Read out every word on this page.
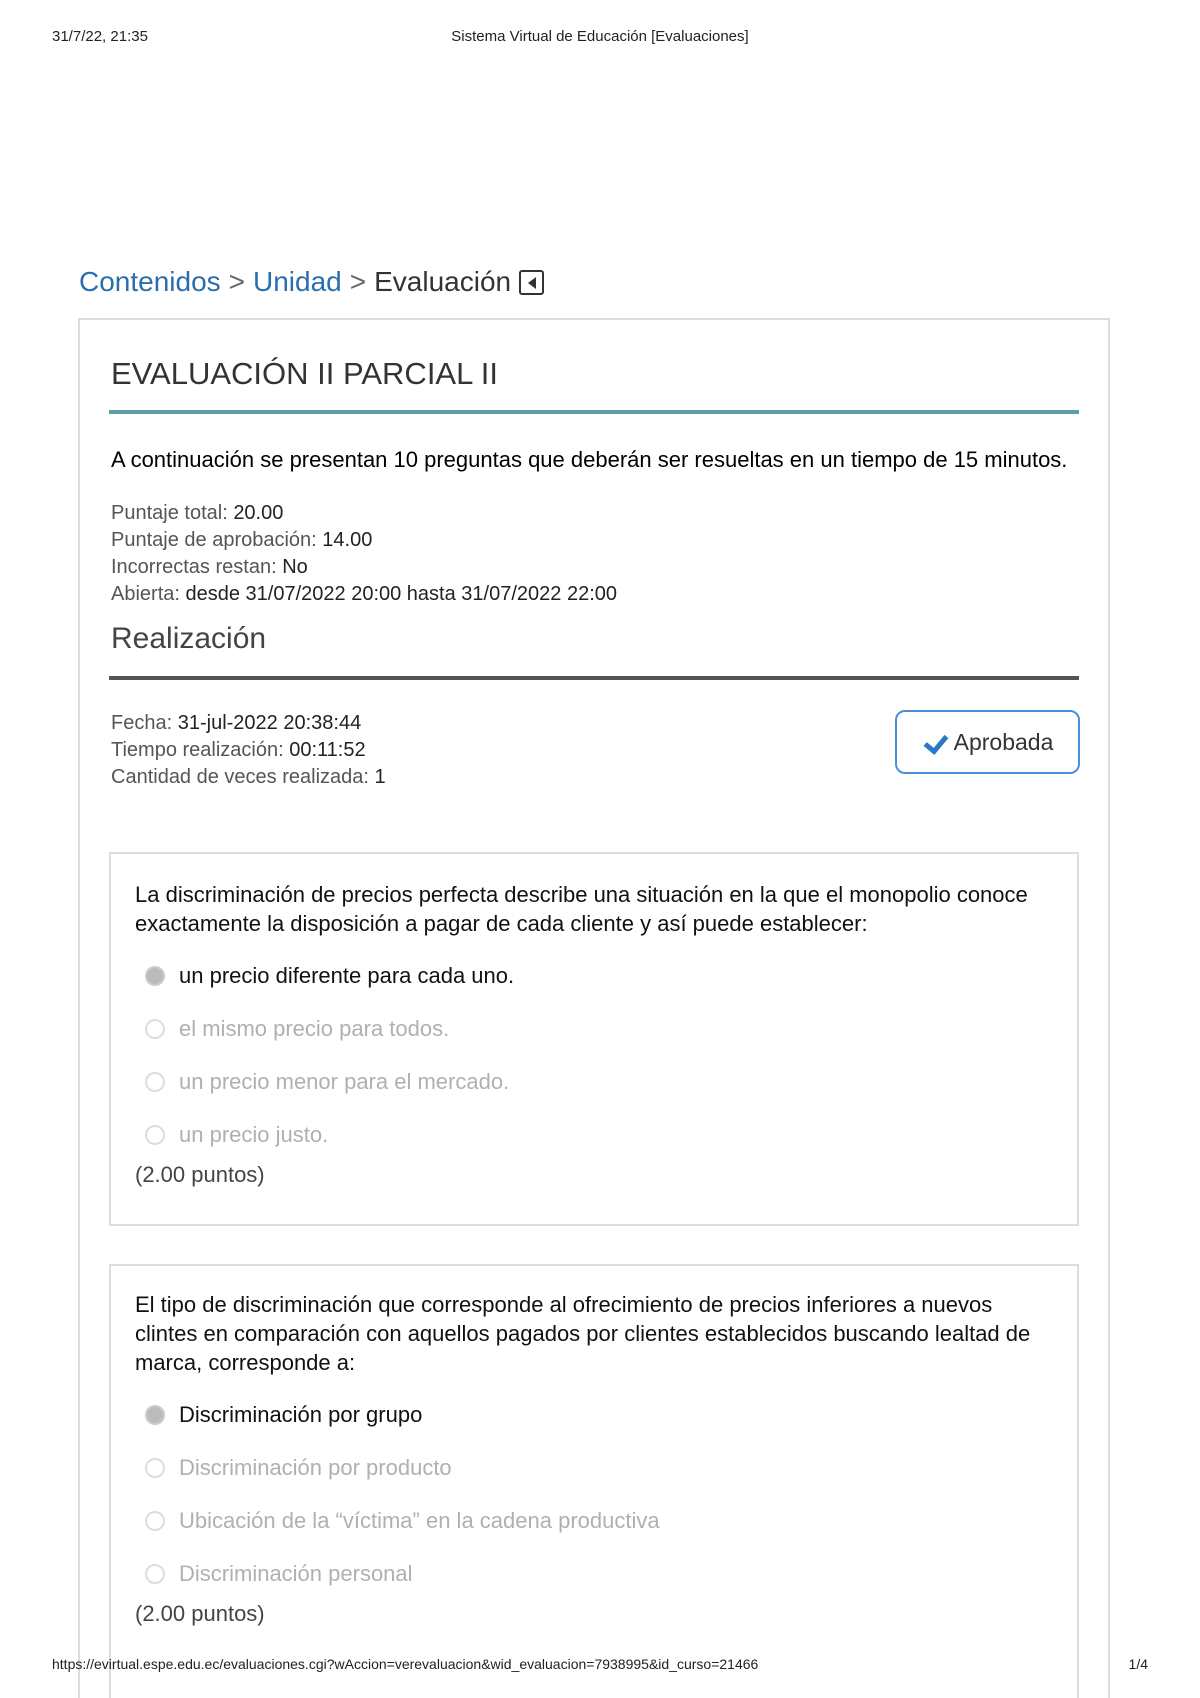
31/7/22, 21:35	Sistema Virtual de Educación [Evaluaciones]
Contenidos > Unidad > Evaluación
EVALUACIÓN II PARCIAL II
A continuación se presentan 10 preguntas que deberán ser resueltas en un tiempo de 15 minutos.
Puntaje total: 20.00
Puntaje de aprobación: 14.00
Incorrectas restan: No
Abierta: desde 31/07/2022 20:00 hasta 31/07/2022 22:00
Realización
Fecha: 31-jul-2022 20:38:44
Tiempo realización: 00:11:52
Cantidad de veces realizada: 1
Aprobada
La discriminación de precios perfecta describe una situación en la que el monopolio conoce exactamente la disposición a pagar de cada cliente y así puede establecer:
un precio diferente para cada uno.
el mismo precio para todos.
un precio menor para el mercado.
un precio justo.
(2.00 puntos)
El tipo de discriminación que corresponde al ofrecimiento de precios inferiores a nuevos clintes en comparación con aquellos pagados por clientes establecidos buscando lealtad de marca, corresponde a:
Discriminación por grupo
Discriminación por producto
Ubicación de la “víctima” en la cadena productiva
Discriminación personal
(2.00 puntos)
https://evirtual.espe.edu.ec/evaluaciones.cgi?wAccion=verevaluacion&wid_evaluacion=7938995&id_curso=21466	1/4
